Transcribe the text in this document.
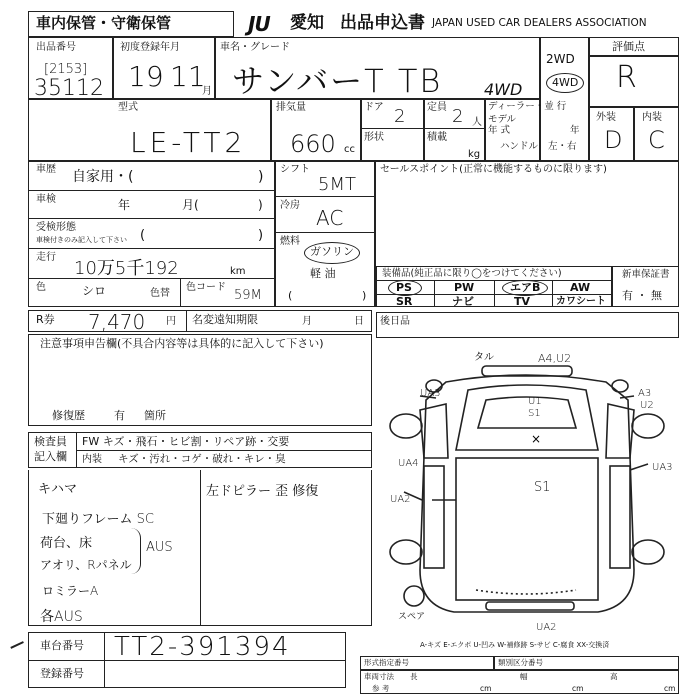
車内保管・守衛保管	JU 愛知 出品申込書 JAPAN USED CAR DEALERS ASSOCIATION
出品番号
[2153]
35112
初度登録年月
19 11
月
車名・グレード
サンバーT TB	4WD
2WD
4WD
評価点
R
外装	内装
D C
型式
LE-TT2
排気量
660 cc
ドア 2 定員 2 人
形状	積載
kg
ディーラー・並 行
モデル
年 式	年
ハンドル 左・右
車歴 自家用・(	)
車検	年	月(	)
受検形態
車検付きのみ記入して下さい (	)
走行
10万5千192	km
色	シロ	色替
色コード
59M
シフト
5MT
冷房
AC
燃料
ガソリン
軽 油
(	)
セールスポイント(正常に機能するものに限ります)
装備品(純正品に限り◯をつけてください)
PS	PW	エアB	AW
SR	ナビ	TV	カワシート
新車保証書
有 ・ 無
R券 7,470 円 名変遠知期限	月	日 後日品
注意事項申告欄(不具合内容等は具体的に記入して下さい)
修復歴	有 箇所
検査員
記入欄
FW キズ・飛石・ヒビ割・リペア跡・交要
内装 キズ・汚れ・コゲ・破れ・キレ・臭
キハマ	左ドピラー 歪 修復
下廻りフレーム SC
荷台、床
アオリ、Rパネル
ロミラーA
各AUS
AUS
車台番号 TT2-391394
登録番号
形式指定番号	類別区分番号
車両寸法 長	幅	高
参 考	cm	cm	cm
×
タル	A4,U2
UA3	A3
U2
U1
S1
UA4	UA3
UA2
S1
UA2
スペア
A-キズ E-エクボ U-凹み W-補修跡 S-サビ C-腐食 XX-交換済
